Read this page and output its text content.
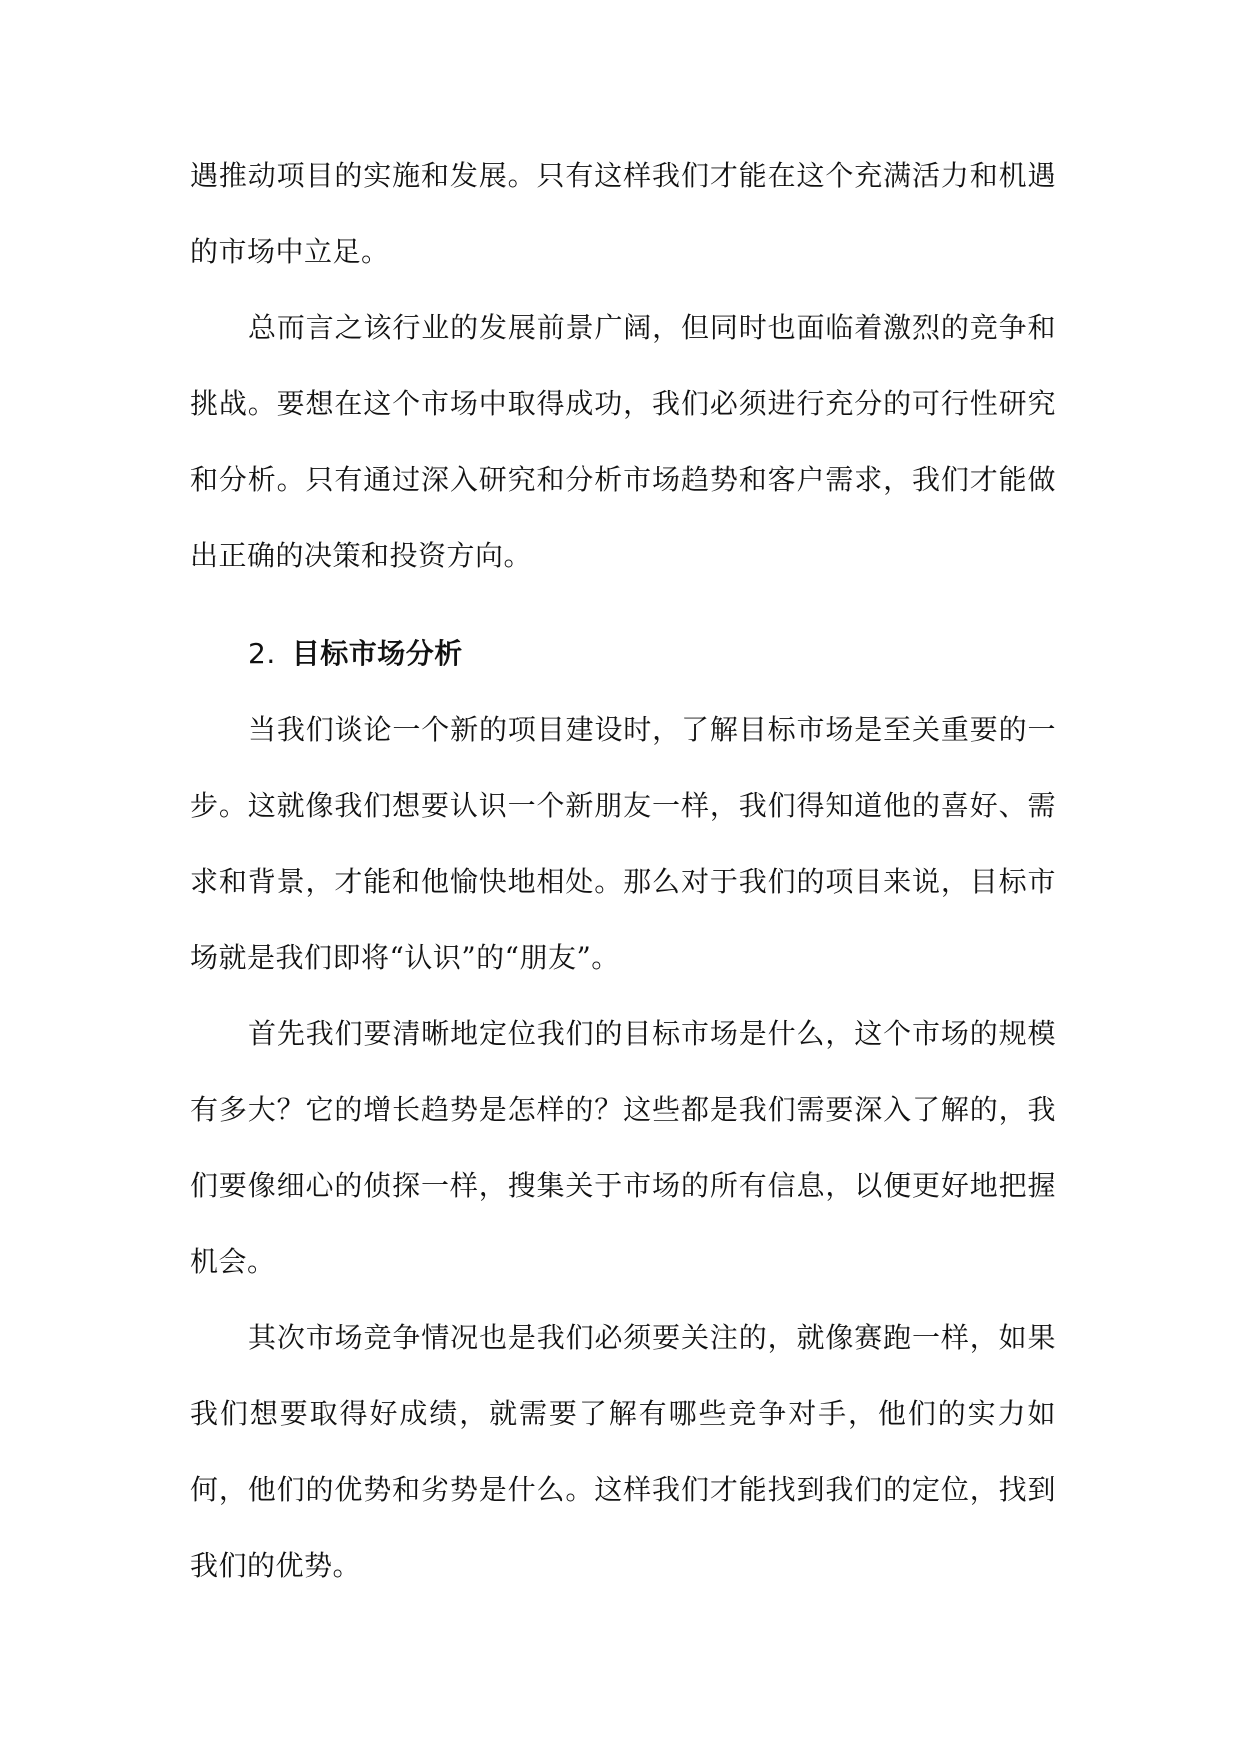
遇推动项目的实施和发展。只有这样我们才能在这个充满活力和机遇的市场中立足。

总而言之该行业的发展前景广阔，但同时也面临着激烈的竞争和挑战。要想在这个市场中取得成功，我们必须进行充分的可行性研究和分析。只有通过深入研究和分析市场趋势和客户需求，我们才能做出正确的决策和投资方向。

2. 目标市场分析

当我们谈论一个新的项目建设时，了解目标市场是至关重要的一步。这就像我们想要认识一个新朋友一样，我们得知道他的喜好、需求和背景，才能和他愉快地相处。那么对于我们的项目来说，目标市场就是我们即将“认识”的“朋友”。

首先我们要清晰地定位我们的目标市场是什么，这个市场的规模有多大？它的增长趋势是怎样的？这些都是我们需要深入了解的，我们要像细心的侦探一样，搜集关于市场的所有信息，以便更好地把握机会。

其次市场竞争情况也是我们必须要关注的，就像赛跑一样，如果我们想要取得好成绩，就需要了解有哪些竞争对手，他们的实力如何，他们的优势和劣势是什么。这样我们才能找到我们的定位，找到我们的优势。
